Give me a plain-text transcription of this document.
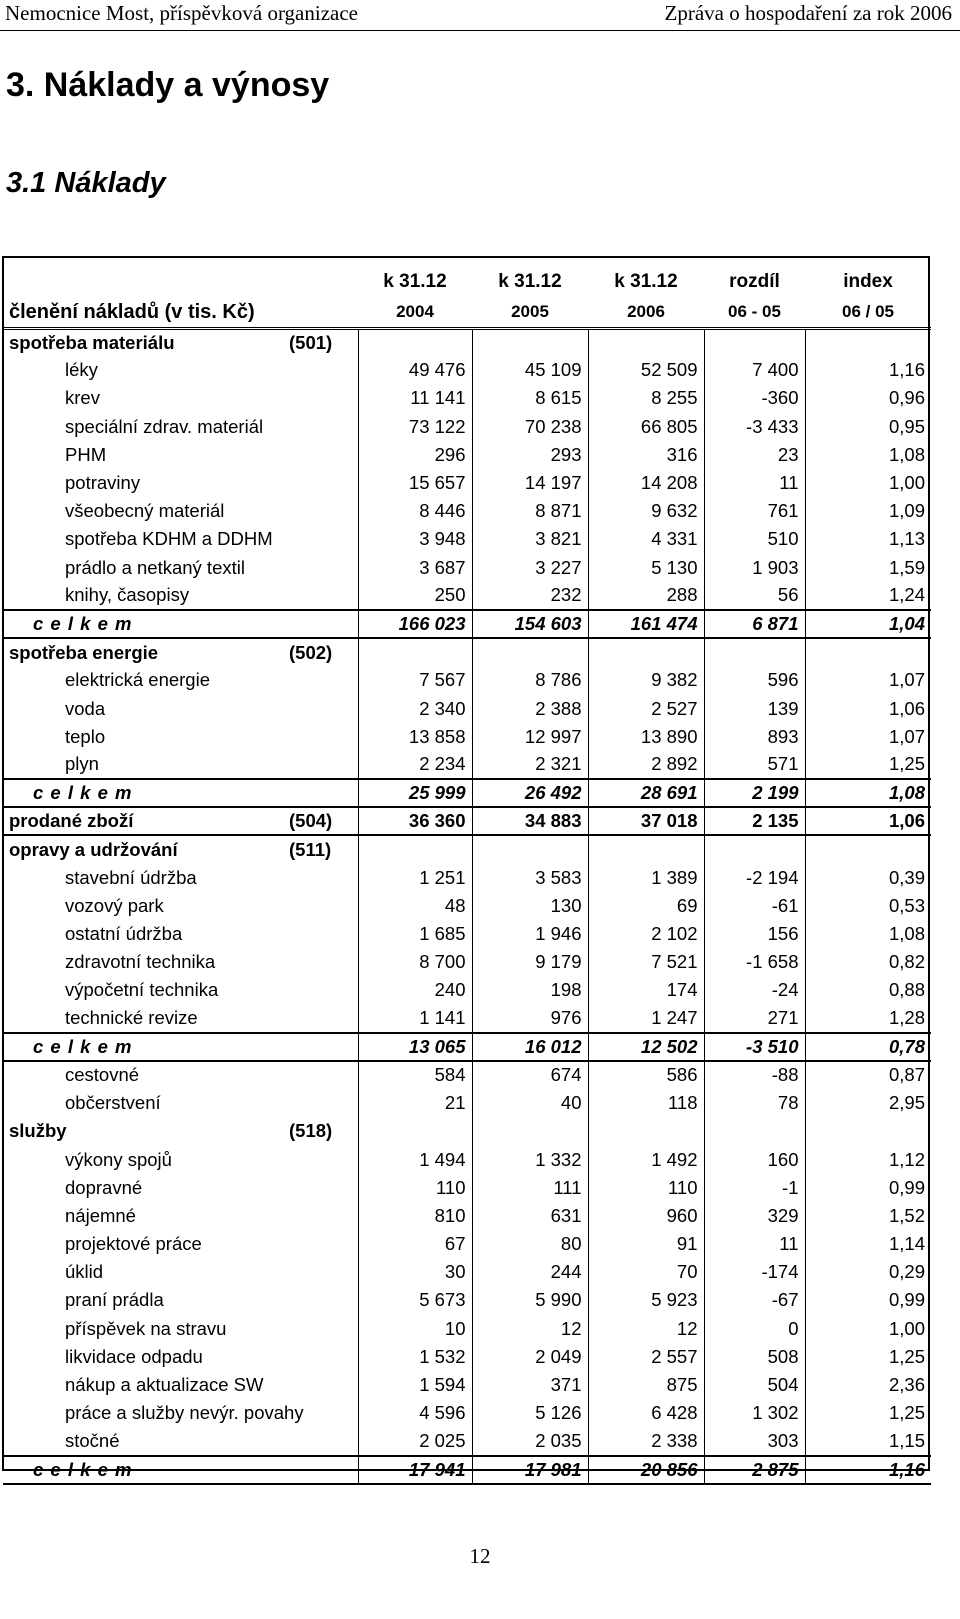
Nemocnice Most, příspěvková organizace	Zpráva o hospodaření za rok 2006
3. Náklady a výnosy
3.1 Náklady
	k 31.12	k 31.12	k 31.12	rozdíl	index
členění nákladů (v tis. Kč)	2004	2005	2006	06 - 05	06 / 05
spotřeba materiálu (501)					
léky	49 476	45 109	52 509	7 400	1,16
krev	11 141	8 615	8 255	-360	0,96
speciální zdrav. materiál	73 122	70 238	66 805	-3 433	0,95
PHM	296	293	316	23	1,08
potraviny	15 657	14 197	14 208	11	1,00
všeobecný materiál	8 446	8 871	9 632	761	1,09
spotřeba KDHM a DDHM	3 948	3 821	4 331	510	1,13
prádlo a netkaný textil	3 687	3 227	5 130	1 903	1,59
knihy, časopisy	250	232	288	56	1,24
c e l k e m	166 023	154 603	161 474	6 871	1,04
spotřeba energie (502)					
elektrická energie	7 567	8 786	9 382	596	1,07
voda	2 340	2 388	2 527	139	1,06
teplo	13 858	12 997	13 890	893	1,07
plyn	2 234	2 321	2 892	571	1,25
c e l k e m	25 999	26 492	28 691	2 199	1,08
prodané zboží (504)	36 360	34 883	37 018	2 135	1,06
opravy a udržování (511)					
stavební údržba	1 251	3 583	1 389	-2 194	0,39
vozový park	48	130	69	-61	0,53
ostatní údržba	1 685	1 946	2 102	156	1,08
zdravotní technika	8 700	9 179	7 521	-1 658	0,82
výpočetní technika	240	198	174	-24	0,88
technické revize	1 141	976	1 247	271	1,28
c e l k e m	13 065	16 012	12 502	-3 510	0,78
cestovné	584	674	586	-88	0,87
občerstvení	21	40	118	78	2,95
služby (518)					
výkony spojů	1 494	1 332	1 492	160	1,12
dopravné	110	111	110	-1	0,99
nájemné	810	631	960	329	1,52
projektové práce	67	80	91	11	1,14
úklid	30	244	70	-174	0,29
praní prádla	5 673	5 990	5 923	-67	0,99
příspěvek na stravu	10	12	12	0	1,00
likvidace odpadu	1 532	2 049	2 557	508	1,25
nákup a aktualizace SW	1 594	371	875	504	2,36
práce a služby nevýr. povahy	4 596	5 126	6 428	1 302	1,25
stočné	2 025	2 035	2 338	303	1,15
c e l k e m	17 941	17 981	20 856	2 875	1,16
12
